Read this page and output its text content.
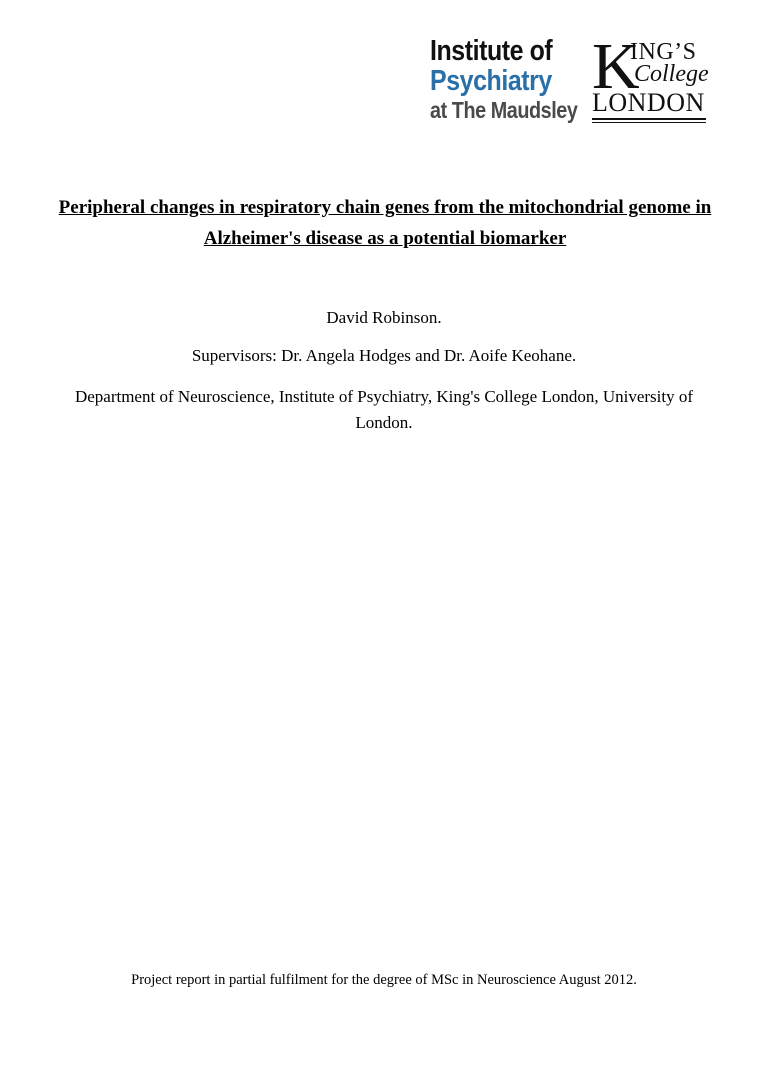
Institute of
Psychiatry
at The Maudsley
K
ING’S
College
LONDON
Peripheral changes in respiratory chain genes from the mitochondrial genome in Alzheimer's disease as a potential biomarker
David Robinson.
Supervisors: Dr. Angela Hodges and Dr. Aoife Keohane.
Department of Neuroscience, Institute of Psychiatry, King's College London, University of London.
Project report in partial fulfilment for the degree of MSc in Neuroscience August 2012.
